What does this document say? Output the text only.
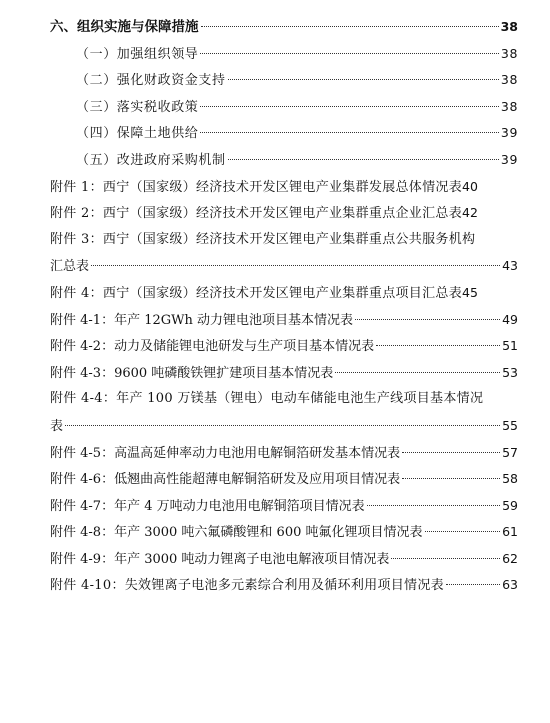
六、组织实施与保障措施	38
（一）加强组织领导	38
（二）强化财政资金支持	38
（三）落实税收政策	38
（四）保障土地供给	39
（五）改进政府采购机制	39
附件 1：西宁（国家级）经济技术开发区锂电产业集群发展总体情况表 40
附件 2：西宁（国家级）经济技术开发区锂电产业集群重点企业汇总表 42
附件 3：西宁（国家级）经济技术开发区锂电产业集群重点公共服务机构
汇总表	43
附件 4：西宁（国家级）经济技术开发区锂电产业集群重点项目汇总表 45
附件 4-1：年产 12GWh 动力锂电池项目基本情况表	49
附件 4-2：动力及储能锂电池研发与生产项目基本情况表	51
附件 4-3：9600 吨磷酸铁锂扩建项目基本情况表	53
附件 4-4：年产 100 万镁基（锂电）电动车储能电池生产线项目基本情况
表	55
附件 4-5：高温高延伸率动力电池用电解铜箔研发基本情况表	57
附件 4-6：低翘曲高性能超薄电解铜箔研发及应用项目情况表	58
附件 4-7：年产 4 万吨动力电池用电解铜箔项目情况表	59
附件 4-8：年产 3000 吨六氟磷酸锂和 600 吨氟化锂项目情况表	61
附件 4-9：年产 3000 吨动力锂离子电池电解液项目情况表	62
附件 4-10：失效锂离子电池多元素综合利用及循环利用项目情况表	63
